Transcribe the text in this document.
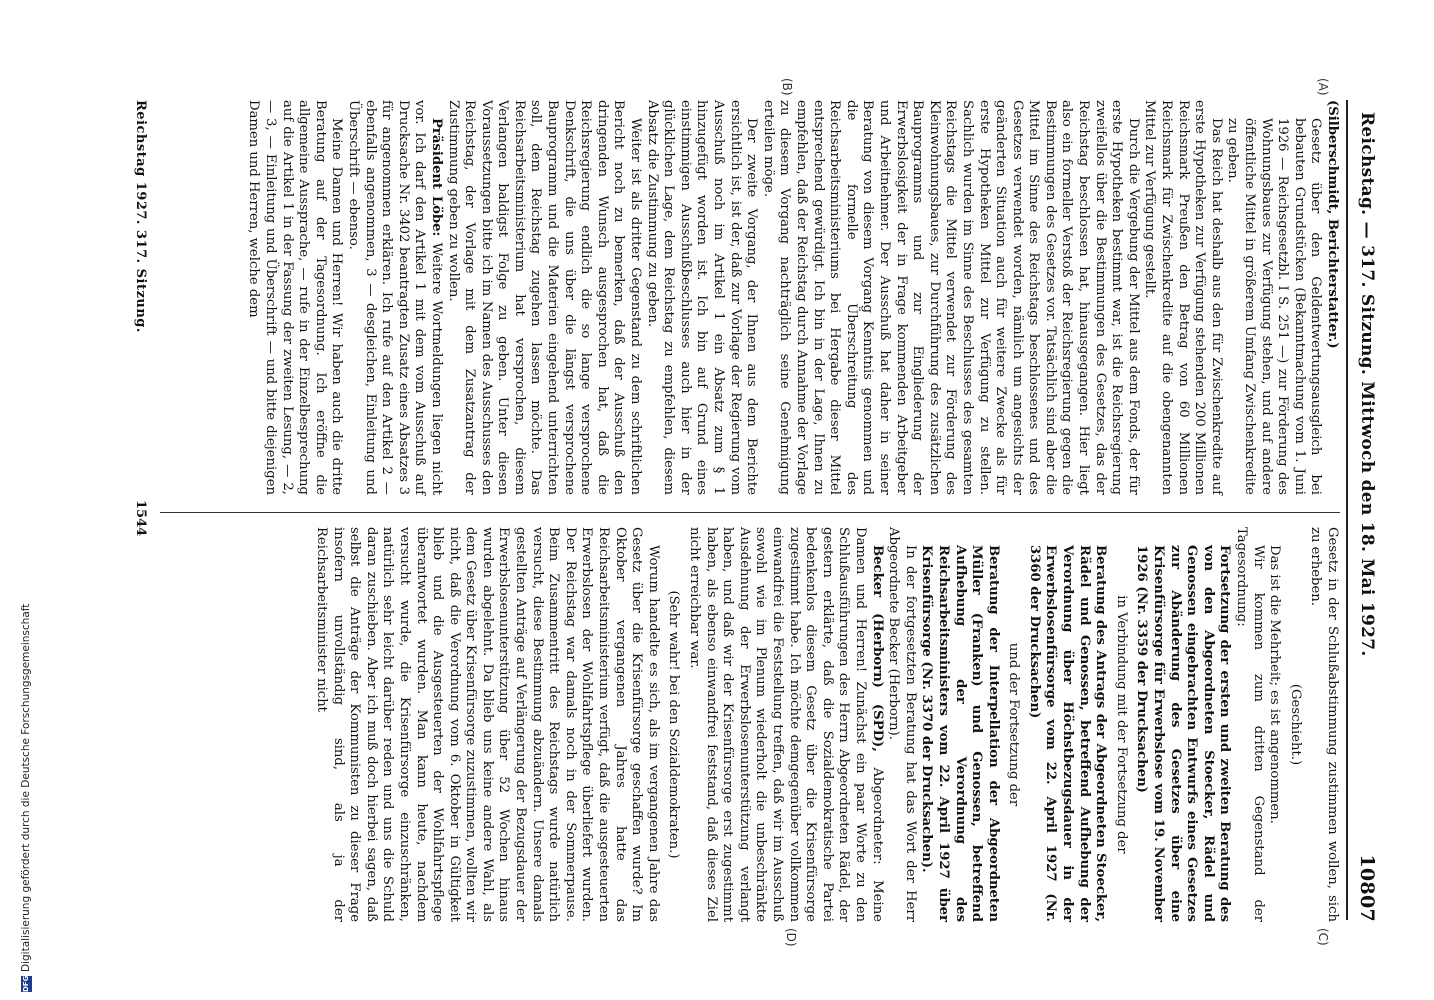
Reichstag. — 317. Sitzung. Mittwoch den 18. Mai 1927.
10807
(A)
(B)
(C)
(D)

(Silberschmidt, Berichterstatter.)

Gesetz über den Geldentwertungsausgleich bei bebauten Grundstücken (Bekanntmachung vom 1. Juni 1926 — Reichsgesetzbl. I S. 251 —) zur Förderung des Wohnungsbaues zur Verfügung stehen, und auf andere öffentliche Mittel in größerem Umfang Zwischenkredite zu geben.

Das Reich hat deshalb aus den für Zwischenkredite auf erste Hypotheken zur Verfügung stehenden 200 Millionen Reichsmark Preußen den Betrag von 60 Millionen Reichsmark für Zwischenkredite auf die obengenannten Mittel zur Verfügung gestellt.

Durch die Vergebung der Mittel aus dem Fonds, der für erste Hypotheken bestimmt war, ist die Reichsregierung zweifellos über die Bestimmungen des Gesetzes, das der Reichstag beschlossen hat, hinausgegangen. Hier liegt also ein formeller Verstoß der Reichsregierung gegen die Bestimmungen des Gesetzes vor. Tatsächlich sind aber die Mittel im Sinne des Reichstags beschlossenes und des Gesetzes verwendet worden, nämlich um angesichts der geänderten Situation auch für weitere Zwecke als für erste Hypotheken Mittel zur Verfügung zu stellen. Sachlich wurden im Sinne des Beschlusses des gesamten Reichstags die Mittel verwendet zur Förderung des Kleinwohnungsbaues, zur Durchführung des zusätzlichen Bauprogramms und zur Eingliederung der Erwerbslosigkeit der in Frage kommenden Arbeitgeber und Arbeitnehmer. Der Ausschuß hat daher in seiner Beratung von diesem Vorgang Kenntnis genommen und die formelle Überschreitung des Reichsarbeitsministeriums bei Hergabe dieser Mittel entsprechend gewürdigt. Ich bin in der Lage, Ihnen zu empfehlen, daß der Reichstag durch Annahme der Vorlage zu diesem Vorgang nachträglich seine Genehmigung erteilen möge.

Der zweite Vorgang, der Ihnen aus dem Berichte ersichtlich ist, ist der, daß zur Vorlage der Regierung vom Ausschuß noch im Artikel 1 ein Absatz zum § 1 hinzugefügt worden ist. Ich bin auf Grund eines einstimmigen Ausschußbeschlusses auch hier in der glücklichen Lage, dem Reichstag zu empfehlen, diesem Absatz die Zustimmung zu geben.

Weiter ist als dritter Gegenstand zu dem schriftlichen Bericht noch zu bemerken, daß der Ausschuß den dringenden Wunsch ausgesprochen hat, daß die Reichsregierung endlich die so lange versprochene Denkschrift, die uns über die längst versprochene Bauprogramm und die Materien eingehend unterrichten soll, dem Reichstag zugehen lassen möchte. Das Reichsarbeitsministerium hat versprochen, diesem Verlangen baldigst Folge zu geben. Unter diesen Voraussetzungen bitte ich im Namen des Ausschusses den Reichstag, der Vorlage mit dem Zusatzantrag der Zustimmung geben zu wollen.

Präsident Löbe: Weitere Wortmeldungen liegen nicht vor. Ich darf den Artikel 1 mit dem vom Ausschuß auf Drucksache Nr. 3402 beantragten Zusatz eines Absatzes 3 für angenommen erklären. Ich rufe auf den Artikel 2 — ebenfalls angenommen, 3 — desgleichen, Einleitung und Überschrift — ebenso.

Meine Damen und Herren! Wir haben auch die dritte Beratung auf der Tagesordnung. Ich eröffne die allgemeine Aussprache, — rufe in der Einzelbesprechung auf die Artikel 1 in der Fassung der zweiten Lesung, — 2, — 3, — Einleitung und Überschrift — und bitte diejenigen Damen und Herren, welche dem

Gesetz in der Schlußabstimmung zustimmen wollen, sich zu erheben.

(Geschieht.)

Das ist die Mehrheit; es ist angenommen.

Wir kommen zum dritten Gegenstand der Tagesordnung:

Fortsetzung der ersten und zweiten Beratung des von den Abgeordneten Stoecker, Rädel und Genossen eingebrachten Entwurfs eines Gesetzes zur Abänderung des Gesetzes über eine Krisenfürsorge für Erwerbslose vom 19. November 1926 (Nr. 3359 der Drucksachen)

in Verbindung mit der Fortsetzung der

Beratung des Antrags der Abgeordneten Stoecker, Rädel und Genossen, betreffend Aufhebung der Verordnung über Höchstbezugsdauer in der Erwerbslosenfürsorge vom 22. April 1927 (Nr. 3360 der Drucksachen)

und der Fortsetzung der

Beratung der Interpellation der Abgeordneten Müller (Franken) und Genossen, betreffend Aufhebung der Verordnung des Reichsarbeitsministers vom 22. April 1927 über Krisenfürsorge (Nr. 3370 der Drucksachen).

In der fortgesetzten Beratung hat das Wort der Herr Abgeordnete Becker (Herborn).

Becker (Herborn) (SPD), Abgeordneter: Meine Damen und Herren! Zunächst ein paar Worte zu den Schlußausführungen des Herrn Abgeordneten Rädel, der gestern erklärte, daß die Sozialdemokratische Partei bedenkenlos diesem Gesetz über die Krisenfürsorge zugestimmt habe. Ich möchte demgegenüber vollkommen einwandfrei die Feststellung treffen, daß wir im Ausschuß sowohl wie im Plenum wiederholt die unbeschränkte Ausdehnung der Erwerbslosenunterstützung verlangt haben, und daß wir der Krisenfürsorge erst zugestimmt haben, als ebenso einwandfrei feststand, daß dieses Ziel nicht erreichbar war.

(Sehr wahr! bei den Sozialdemokraten.)

Worum handelte es sich, als im vergangenen Jahre das Gesetz über die Krisenfürsorge geschaffen wurde? Im Oktober vergangenen Jahres hatte das Reichsarbeitsministerium verfügt, daß die ausgesteuerten Erwerbslosen der Wohlfahrtspflege überliefert wurden. Der Reichstag war damals noch in der Sommerpause. Beim Zusammentritt des Reichstags wurde natürlich versucht, diese Bestimmung abzuändern. Unsere damals gestellten Anträge auf Verlängerung der Bezugsdauer der Erwerbslosenunterstützung über 52 Wochen hinaus wurden abgelehnt. Da blieb uns keine andere Wahl, als dem Gesetz über Krisenfürsorge zuzustimmen, wollten wir nicht, daß die Verordnung vom 6. Oktober in Gültigkeit blieb und die Ausgesteuerten der Wohlfahrtspflege überantwortet wurden. Man kann heute, nachdem versucht wurde, die Krisenfürsorge einzuschränken, natürlich sehr leicht darüber reden und uns die Schuld daran zuschieben. Aber ich muß doch hierbei sagen, daß selbst die Anträge der Kommunisten zu dieser Frage insofern unvollständig sind, als ja der Reichsarbeitsminister nicht

Reichstag 1927. 317. Sitzung.
1544
DFG
Digitalisierung gefördert durch die Deutsche Forschungsgemeinschaft
